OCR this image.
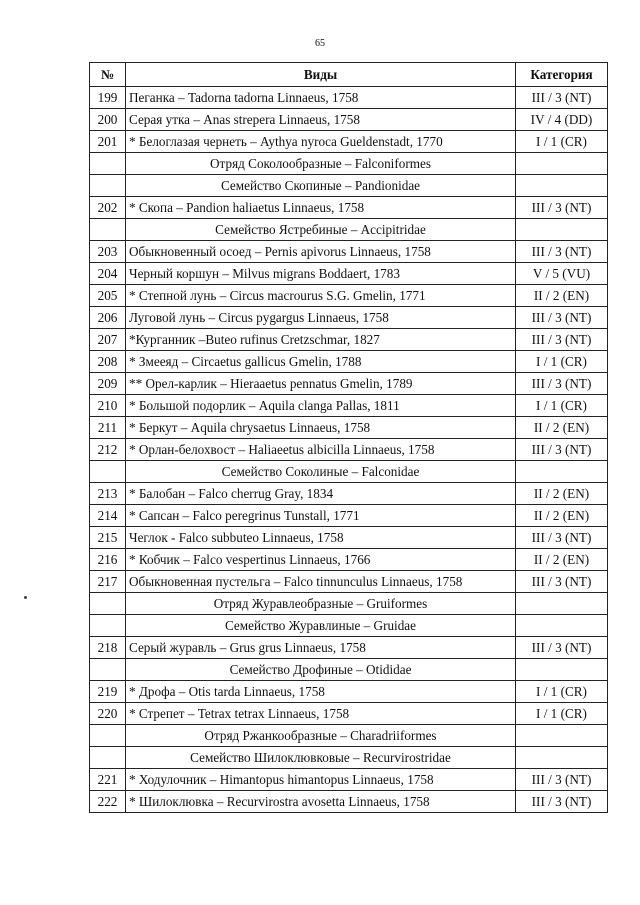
65
№	Виды	Категория
199	Пеганка – Tadorna tadorna Linnaeus, 1758	III / 3 (NT)
200	Серая утка – Anas strepera Linnaeus, 1758	IV / 4 (DD)
201	* Белоглазая чернеть – Aythya nyroca Gueldenstadt, 1770	I / 1 (CR)
	Отряд Соколообразные – Falconiformes	
	Семейство Скопиные – Pandionidae	
202	* Скопа – Pandion haliaetus Linnaeus, 1758	III / 3 (NT)
	Семейство Ястребиные – Accipitridae	
203	Обыкновенный осоед – Pernis apivorus Linnaeus, 1758	III / 3 (NT)
204	Черный коршун – Milvus migrans Boddaert, 1783	V / 5 (VU)
205	* Степной лунь – Circus macrourus S.G. Gmelin, 1771	II / 2 (EN)
206	Луговой лунь – Circus pygargus Linnaeus, 1758	III / 3 (NT)
207	*Курганник –Buteo rufinus Cretzschmar, 1827	III / 3 (NT)
208	* Змееяд – Circaetus gallicus Gmelin, 1788	I / 1 (CR)
209	** Орел-карлик – Hieraaetus pennatus Gmelin, 1789	III / 3 (NT)
210	* Большой подорлик – Aquila clanga Pallas, 1811	I / 1 (CR)
211	* Беркут – Aquila chrysaetus Linnaeus, 1758	II / 2 (EN)
212	* Орлан-белохвост – Haliaeetus albicilla Linnaeus, 1758	III / 3 (NT)
	Семейство Соколиные – Falconidae	
213	* Балобан – Falco cherrug Gray, 1834	II / 2 (EN)
214	* Сапсан – Falco peregrinus Tunstall, 1771	II / 2 (EN)
215	Чеглок - Falco subbuteo Linnaeus, 1758	III / 3 (NT)
216	* Кобчик – Falco vespertinus Linnaeus, 1766	II / 2 (EN)
217	Обыкновенная пустельга – Falco tinnunculus Linnaeus, 1758	III / 3 (NT)
	Отряд Журавлеобразные – Gruiformes	
	Семейство Журавлиные – Gruidae	
218	Серый журавль – Grus grus Linnaeus, 1758	III / 3 (NT)
	Семейство Дрофиные – Otididae	
219	* Дрофа – Otis tarda Linnaeus, 1758	I / 1 (CR)
220	* Стрепет – Tetrax tetrax Linnaeus, 1758	I / 1 (CR)
	Отряд Ржанкообразные – Charadriiformes	
	Семейство Шилоклювковые – Recurvirostridae	
221	* Ходулочник – Himantopus himantopus Linnaeus, 1758	III / 3 (NT)
222	* Шилоклювка – Recurvirostra avosetta Linnaeus, 1758	III / 3 (NT)
